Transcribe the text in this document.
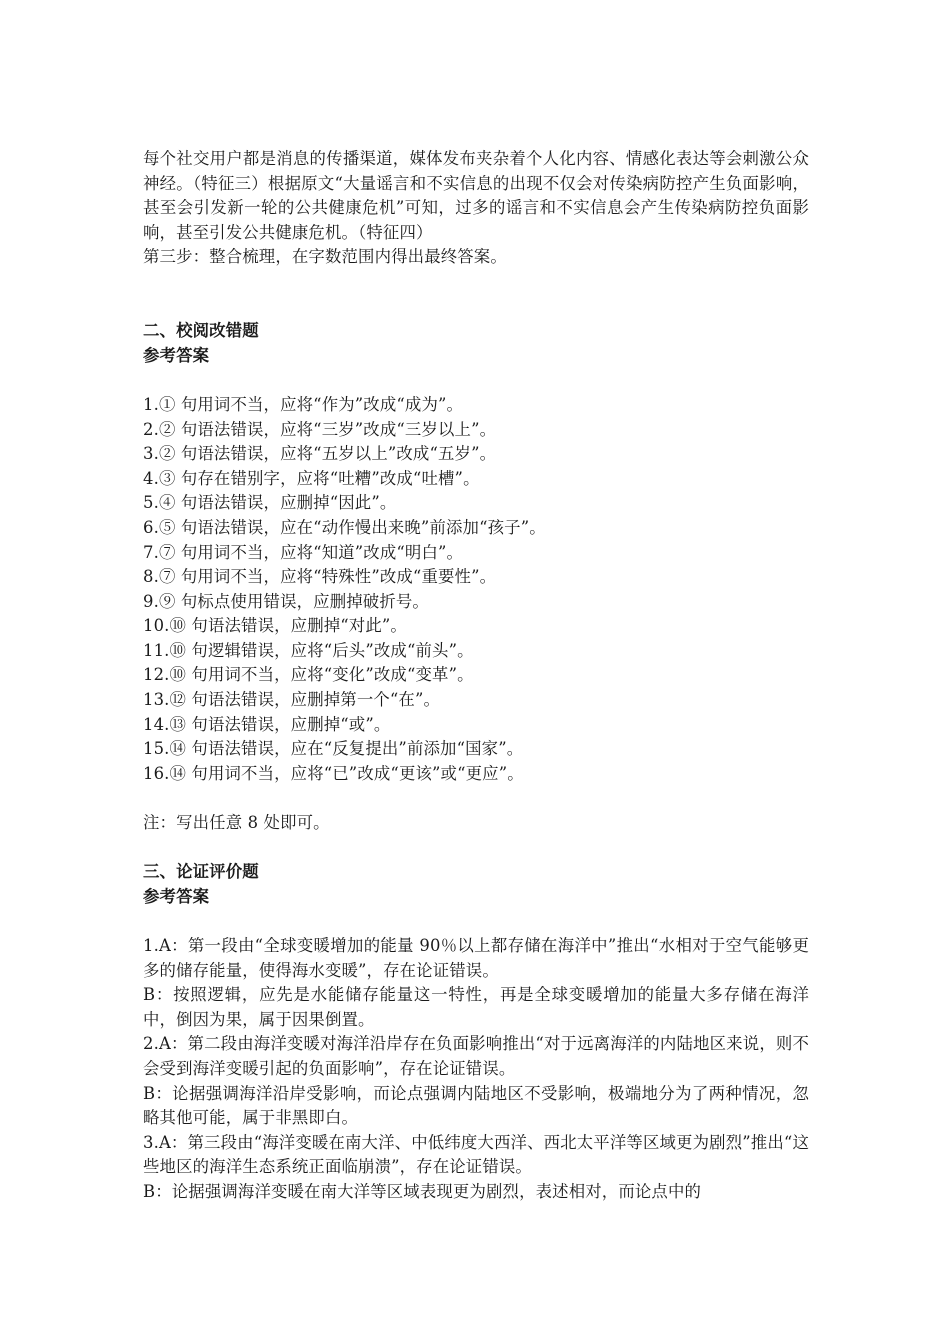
每个社交用户都是消息的传播渠道，媒体发布夹杂着个人化内容、情感化表达等会刺激公众神经。（特征三）根据原文“大量谣言和不实信息的出现不仅会对传染病防控产生负面影响，甚至会引发新一轮的公共健康危机”可知，过多的谣言和不实信息会产生传染病防控负面影响，甚至引发公共健康危机。（特征四）

第三步：整合梳理，在字数范围内得出最终答案。

二、校阅改错题

参考答案

1.① 句用词不当，应将“作为”改成“成为”。

2.② 句语法错误，应将“三岁”改成“三岁以上”。

3.② 句语法错误，应将“五岁以上”改成“五岁”。

4.③ 句存在错别字，应将“吐糟”改成“吐槽”。

5.④ 句语法错误，应删掉“因此”。

6.⑤ 句语法错误，应在“动作慢出来晚”前添加“孩子”。

7.⑦ 句用词不当，应将“知道”改成“明白”。

8.⑦ 句用词不当，应将“特殊性”改成“重要性”。

9.⑨ 句标点使用错误，应删掉破折号。

10.⑩ 句语法错误，应删掉“对此”。

11.⑩ 句逻辑错误，应将“后头”改成“前头”。

12.⑩ 句用词不当，应将“变化”改成“变革”。

13.⑫ 句语法错误，应删掉第一个“在”。

14.⑬ 句语法错误，应删掉“或”。

15.⑭ 句语法错误，应在“反复提出”前添加“国家”。

16.⑭ 句用词不当，应将“已”改成“更该”或“更应”。

注：写出任意 8 处即可。

三、论证评价题

参考答案

1.A：第一段由“全球变暖增加的能量 90％以上都存储在海洋中”推出“水相对于空气能够更多的储存能量，使得海水变暖”，存在论证错误。

B：按照逻辑，应先是水能储存能量这一特性，再是全球变暖增加的能量大多存储在海洋中，倒因为果，属于因果倒置。

2.A：第二段由海洋变暖对海洋沿岸存在负面影响推出“对于远离海洋的内陆地区来说，则不会受到海洋变暖引起的负面影响”，存在论证错误。

B：论据强调海洋沿岸受影响，而论点强调内陆地区不受影响，极端地分为了两种情况，忽略其他可能，属于非黑即白。

3.A：第三段由“海洋变暖在南大洋、中低纬度大西洋、西北太平洋等区域更为剧烈”推出“这些地区的海洋生态系统正面临崩溃”，存在论证错误。

B：论据强调海洋变暖在南大洋等区域表现更为剧烈，表述相对，而论点中的
